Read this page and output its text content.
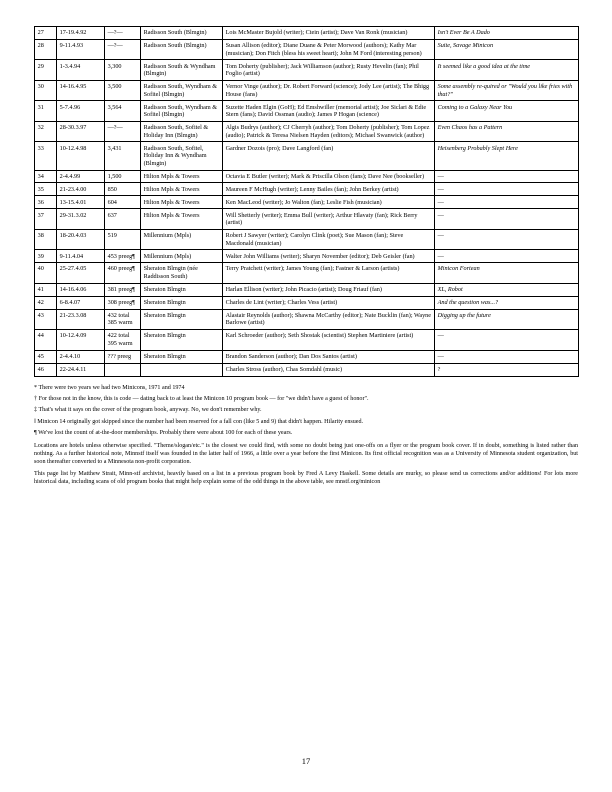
27	17-19.4.92	—?—	Radisson South (Blmgtn)	Lois McMaster Bujold (writer); Ctein (artist); Dave Van Ronk (musician)	Isn't Ever Be A Dado
28	9-11.4.93	—?—	Radisson South (Blmgtn)	Susan Allison (editor); Diane Duane & Peter Morwood (authors); Kathy Mar (musician); Don Fitch (bless his sweet heart); John M Ford (interesting person)	Suite, Savage Minicon
29	1-3.4.94	3,300	Radisson South & Wyndham (Blmgtn)	Tom Doherty (publisher); Jack Williamson (author); Rusty Hevelin (fan); Phil Foglio (artist)	It seemed like a good idea at the time
30	14-16.4.95	3,500	Radisson South, Wyndham & Sofitel (Blmgtn)	Vernor Vinge (author); Dr. Robert Forward (science); Jody Lee (artist); The Bhigg House (fans)	Some assembly re-quired or "Would you like fries with that?"
31	5-7.4.96	3,564	Radisson South, Wyndham & Sofitel (Blmgtn)	Suzette Haden Elgin (GoH); Ed Emshwiller (memorial artist); Joe Siclari & Edie Stern (fans); David Ossman (audio); James P Hogan (science)	Coming to a Galaxy Near You
32	28-30.3.97	—?—	Radisson South, Sofitel & Holiday Inn (Blmgtn)	Algis Budrys (author); CJ Cherryh (author); Tom Doherty (publisher); Tom Lopez (audio); Patrick & Teresa Nielsen Hayden (editors); Michael Swanwick (author)	Even Chaos has a Pattern
33	10-12.4.98	3,431	Radisson South, Sofitel, Holiday Inn & Wyndham (Blmgtn)	Gardner Dozois (pro); Dave Langford (fan)	Heisenberg Probably Slept Here
34	2-4.4.99	1,500	Hilton Mpls & Towers	Octavia E Butler (writer); Mark & Priscilla Olson (fans); Dave Nee (bookseller)	—
35	21-23.4.00	850	Hilton Mpls & Towers	Maureen F McHugh (writer); Lenny Bailes (fan); John Berkey (artist)	—
36	13-15.4.01	604	Hilton Mpls & Towers	Ken MacLeod (writer); Jo Walton (fan); Leslie Fish (musician)	—
37	29-31.3.02	637	Hilton Mpls & Towers	Will Shetterly (writer); Emma Bull (writer); Arthur Hlavaty (fan); Rick Berry (artist)	—
38	18-20.4.03	519	Millennium (Mpls)	Robert J Sawyer (writer); Carolyn Clink (poet); Sue Mason (fan); Steve Macdonald (musician)	—
39	9-11.4.04	453 preeg¶	Millennium (Mpls)	Walter John Williams (writer); Sharyn November (editor); Deb Geisler (fan)	—
40	25-27.4.05	460 preeg¶	Sheraton Blmgtn (née Raddisson South)	Terry Pratchett (writer); James Young (fan); Fastner & Larson (artists)	Minicon Fortean
41	14-16.4.06	381 preeg¶	Sheraton Blmgtn	Harlan Ellison (writer); John Picacio (artist); Doug Friauf (fan)	XL, Robot
42	6-8.4.07	308 preeg¶	Sheraton Blmgtn	Charles de Lint (writer); Charles Vess (artist)	And the question was...?
43	21-23.3.08	432 total 385 warm	Sheraton Blmgtn	Alastair Reynolds (author); Shawna McCarthy (editor); Nate Bucklin (fan); Wayne Barlowe (artist)	Digging up the future
44	10-12.4.09	422 total 395 warm	Sheraton Blmgtn	Karl Schroeder (author); Seth Shostak (scientist) Stephen Martiniere (artist)	—
45	2-4.4.10	??? preeg	Sheraton Blmgtn	Brandon Sanderson (author); Dan Dos Santos (artist)	—
46	22-24.4.11			Charles Stross (author), Chas Somdahl (music)	?

* There were two years we had two Minicons, 1971 and 1974

† For those not in the know, this is code — dating back to at least the Minicon 10 program book — for "we didn't have a guest of honor".

‡ That's what it says on the cover of the program book, anyway. No, we don't remember why.

‖ Minicon 14 originally got skipped since the number had been reserved for a fall con (like 5 and 9) that didn't happen. Hilarity ensued.

¶ We've lost the count of at-the-door memberships. Probably there were about 100 for each of these years.

Locations are hotels unless otherwise specified. "Theme/slogan/etc." is the closest we could find, with some no doubt being just one-offs on a flyer or the program book cover. If in doubt, something is listed rather than nothing. As a further historical note, Minnstf itself was founded in the latter half of 1966, a little over a year before the first Minicon. Its first official recognition was as a University of Minnesota student organization, but soon thereafter converted to a Minnesota non-profit corporation.

This page list by Matthew Strait, Minn-stf archivist, heavily based on a list in a previous program book by Fred A Levy Haskell. Some details are murky, so please send us corrections and/or additions! For lots more historical data, including scans of old program books that might help explain some of the odd things in the above table, see mnstf.org/minicon

17
